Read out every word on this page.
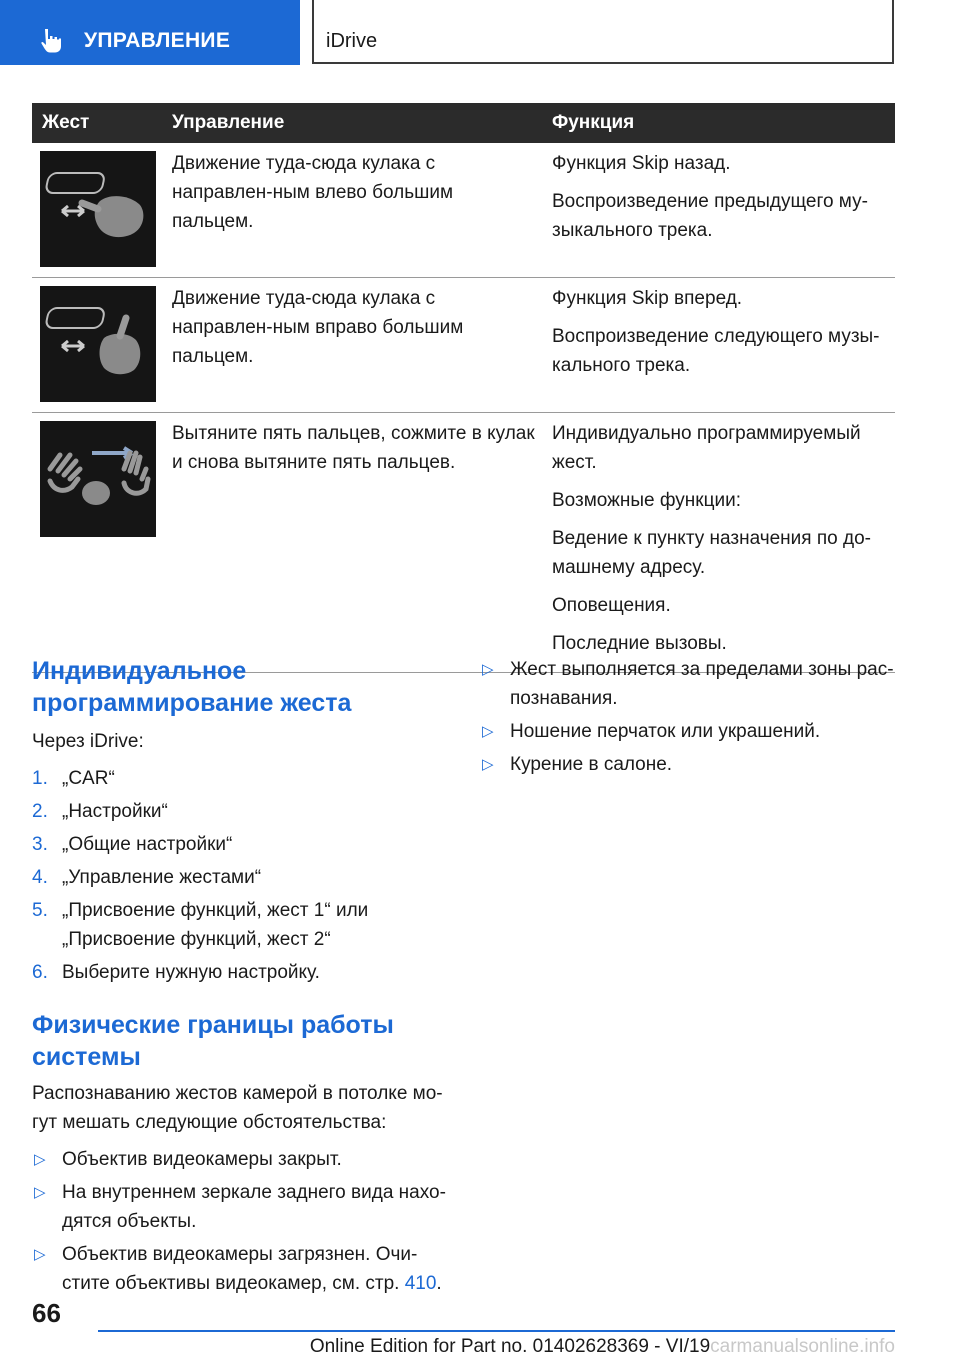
УПРАВЛЕНИЕ	iDrive
Жест	Управление	Функция

Движение туда-сюда кулака с направлен-ным влево большим пальцем.	Функция Skip назад.

Воспроизведение предыдущего му-зыкального трека.

Движение туда-сюда кулака с направлен-ным вправо большим пальцем.	Функция Skip вперед.

Воспроизведение следующего музы-кального трека.

Вытяните пять пальцев, сожмите в кулак и снова вытяните пять пальцев.	Индивидуально программируемый жест.

Возможные функции:

Ведение к пункту назначения по до-машнему адресу.

Оповещения.

Последние вызовы.

Индивидуальное программирование жеста

Через iDrive:

1. „CAR“
2. „Настройки“
3. „Общие настройки“
4. „Управление жестами“
5. „Присвоение функций, жест 1“ или „Присвоение функций, жест 2“
6. Выберите нужную настройку.
Физические границы работы системы

Распознаванию жестов камерой в потолке мо-гут мешать следующие обстоятельства:

▷ Объектив видеокамеры закрыт.
▷ На внутреннем зеркале заднего вида нахо-дятся объекты.
▷ Объектив видеокамеры загрязнен. Очи-стите объективы видеокамер, см. стр. 410.
▷ Жест выполняется за пределами зоны рас-познавания.
▷ Ношение перчаток или украшений.
▷ Курение в салоне.
66
Online Edition for Part no. 01402628369 - VI/19carmanualsonline.info
